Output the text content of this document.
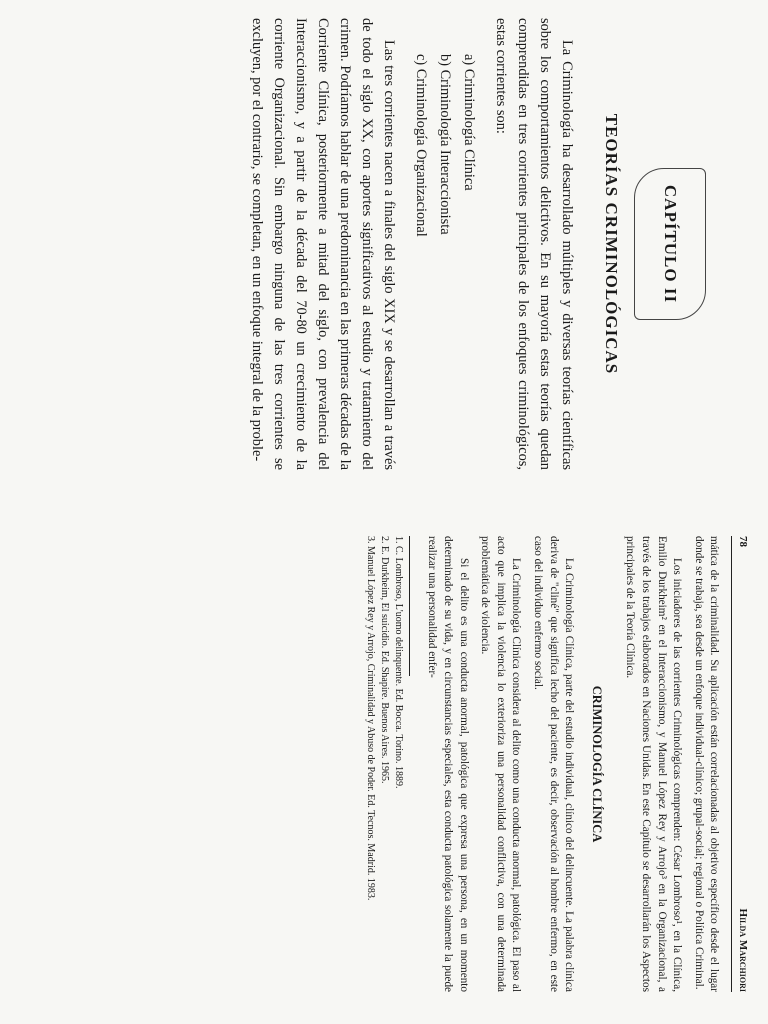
CAPÍTULO II
TEORÍAS CRIMINOLÓGICAS

La Criminología ha desarrollado múltiples y diversas teorías científicas sobre los comportamientos delictivos. En su mayoría estas teorías quedan comprendidas en tres corrientes principales de los enfoques criminológicos, estas corrientes son:

a) Criminología Clínica
b) Criminología Interaccionista
c) Criminología Organizacional

Las tres corrientes nacen a finales del siglo XIX y se desarrollan a través de todo el siglo XX, con aportes significativos al estudio y tratamiento del crimen. Podríamos hablar de una predominancia en las primeras décadas de la Corriente Clínica, posteriormente a mitad del siglo, con prevalencia del Interaccionismo, y a partir de la década del 70-80 un crecimiento de la corriente Organizacional. Sin embargo ninguna de las tres corrientes se excluyen, por el contrario, se completan, en un enfoque integral de la proble-

78
Hilda Marchiori

mática de la criminalidad. Su aplicación están correlacionadas al objetivo específico desde el lugar donde se trabaja, sea desde un enfoque individual-clínico; grupal-social; regional o Política Criminal.

Los iniciadores de las corrientes Criminológicas comprenden: César Lombroso¹, en la Clínica, Emilio Durkheim² en el Interaccionismo, y Manuel López Rey y Arrojo³ en la Organizacional, a través de los trabajos elaborados en Naciones Unidas. En este Capítulo se desarrollarán los Aspectos principales de la Teoría Clínica.

CRIMINOLOGÍA CLÍNICA

La Criminología Clínica, parte del estudio individual, clínico del delincuente. La palabra clínica deriva de "cliné" que significa lecho del paciente, es decir, observación al hombre enfermo, en este caso del individuo enfermo social.

La Criminología Clínica considera al delito como una conducta anormal, patológica. El paso al acto que implica la violencia lo exterioriza una personalidad conflictiva, con una determinada problemática de violencia.

Si el delito es una conducta anormal, patológica que expresa una persona, en un momento determinado de su vida, y en circunstancias especiales, esta conducta patológica solamente la puede realizar una personalidad enfer-

1. C. Lombroso, L'uomo delinquente. Ed. Bocca. Torino. 1889.
2. E. Durkheim, El suicidio. Ed. Shapire. Buenos Aires. 1965.
3. Manuel López Rey y Arrojo, Criminalidad y Abuso de Poder. Ed. Tecnos. Madrid. 1983.
